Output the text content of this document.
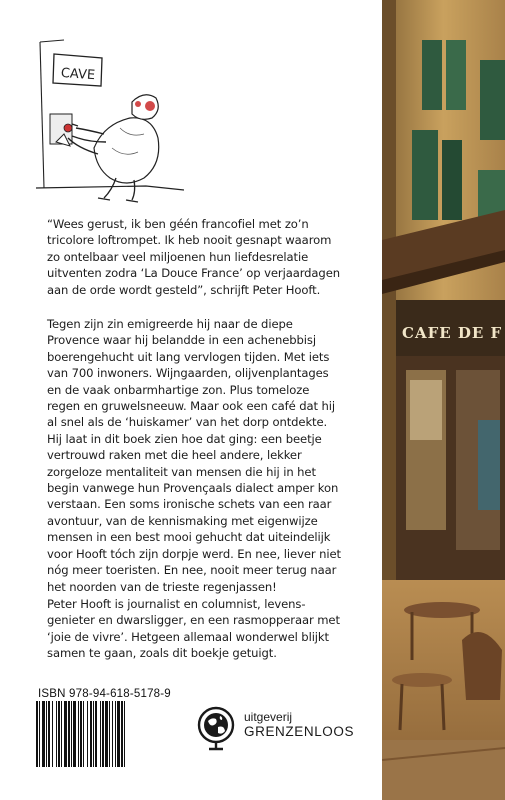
CAVE

“Wees gerust, ik ben géén francofiel met zo’n
tricolore loftrompet. Ik heb nooit gesnapt waarom
zo ontelbaar veel miljoenen hun liefdesrelatie
uitventen zodra ‘La Douce France’ op verjaardagen
aan de orde wordt gesteld”, schrijft Peter Hooft.

Tegen zijn zin emigreerde hij naar de diepe
Provence waar hij belandde in een achenebbisj
boerengehucht uit lang vervlogen tijden. Met iets
van 700 inwoners. Wijngaarden, olijvenplantages
en de vaak onbarmhartige zon. Plus tomeloze
regen en gruwelsneeuw. Maar ook een café dat hij
al snel als de ‘huiskamer’ van het dorp ontdekte.
Hij laat in dit boek zien hoe dat ging: een beetje
vertrouwd raken met die heel andere, lekker
zorgeloze mentaliteit van mensen die hij in het
begin vanwege hun Provençaals dialect amper kon
verstaan. Een soms ironische schets van een raar
avontuur, van de kennismaking met eigenwijze
mensen in een best mooi gehucht dat uiteindelijk
voor Hooft tóch zijn dorpje werd. En nee, liever niet
nóg meer toeristen. En nee, nooit meer terug naar
het noorden van de trieste regenjassen!

Peter Hooft is journalist en columnist, levens-
genieter en dwarsligger, en een rasmopperaar met
‘joie de vivre’. Hetgeen allemaal wonderwel blijkt
samen te gaan, zoals dit boekje getuigt.

ISBN 978-94-618-5178-9
uitgeverij
GRENZENLOOS
CAFE DE F
